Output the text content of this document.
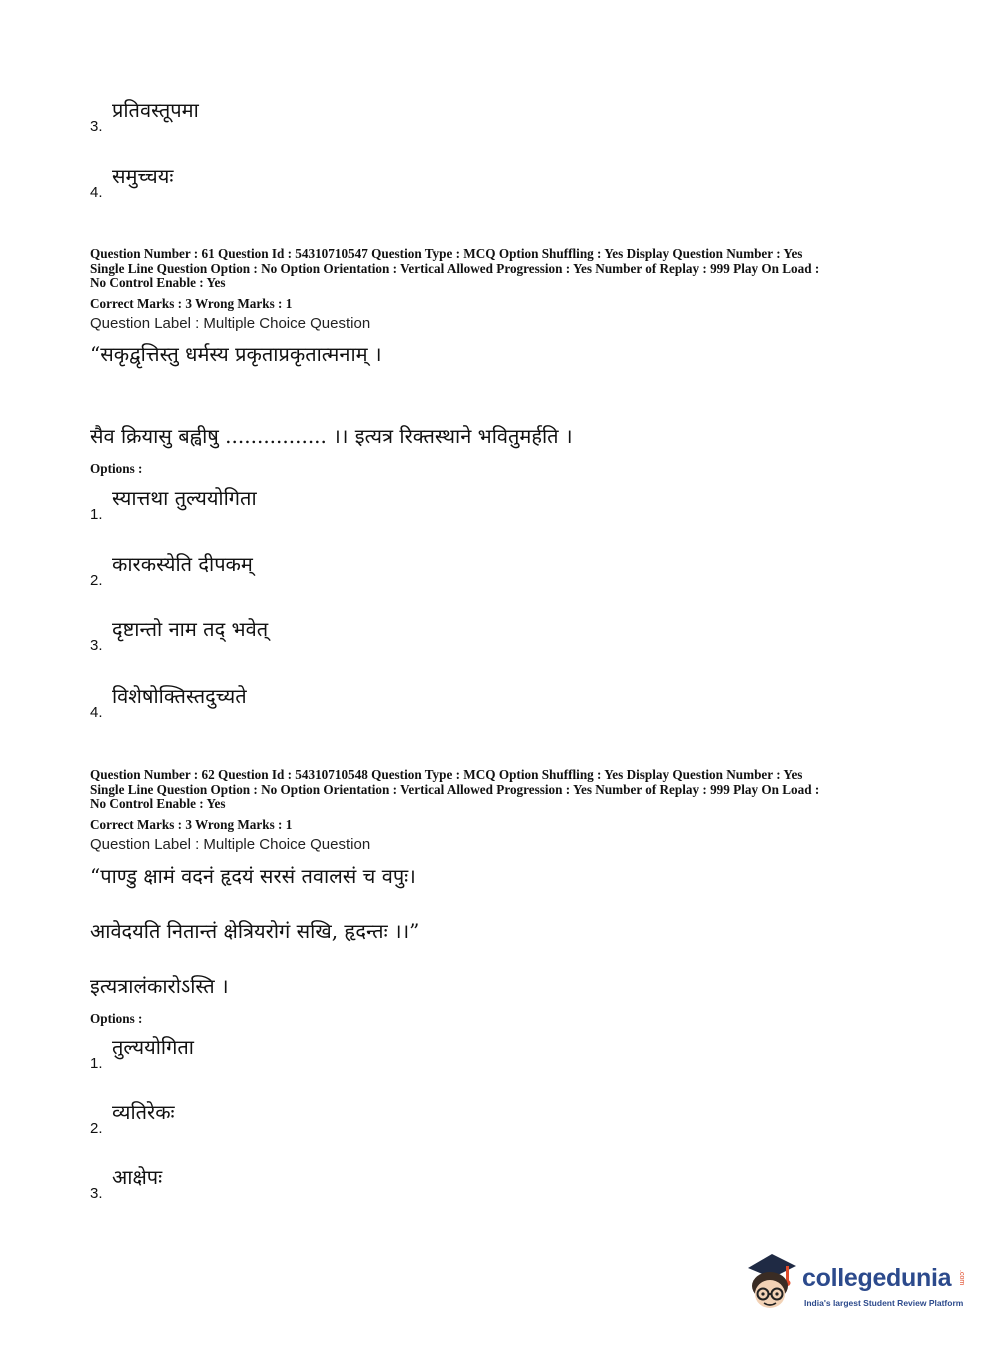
3.
प्रतिवस्तूपमा
4.
समुच्चयः
Question Number : 61 Question Id : 54310710547 Question Type : MCQ Option Shuffling : Yes Display Question Number : Yes
Single Line Question Option : No Option Orientation : Vertical Allowed Progression : Yes Number of Replay : 999 Play On Load :
No Control Enable : Yes
Correct Marks : 3 Wrong Marks : 1
Question Label : Multiple Choice Question
“सकृद्वृत्तिस्तु धर्मस्य प्रकृताप्रकृतात्मनाम् ।
सैव क्रियासु बह्वीषु ................ ।। इत्यत्र रिक्तस्थाने भवितुमर्हति ।
Options :
1.
स्यात्तथा तुल्ययोगिता
2.
कारकस्येति दीपकम्
3.
दृष्टान्तो नाम तद् भवेत्
4.
विशेषोक्तिस्तदुच्यते
Question Number : 62 Question Id : 54310710548 Question Type : MCQ Option Shuffling : Yes Display Question Number : Yes
Single Line Question Option : No Option Orientation : Vertical Allowed Progression : Yes Number of Replay : 999 Play On Load :
No Control Enable : Yes
Correct Marks : 3 Wrong Marks : 1
Question Label : Multiple Choice Question
“पाण्डु क्षामं वदनं हृदयं सरसं तवालसं च वपुः।
आवेदयति नितान्तं क्षेत्रियरोगं सखि, हृदन्तः ।।”
इत्यत्रालंकारोऽस्ति ।
Options :
1.
तुल्ययोगिता
2.
व्यतिरेकः
3.
आक्षेपः
collegedunia .com
India's largest Student Review Platform
